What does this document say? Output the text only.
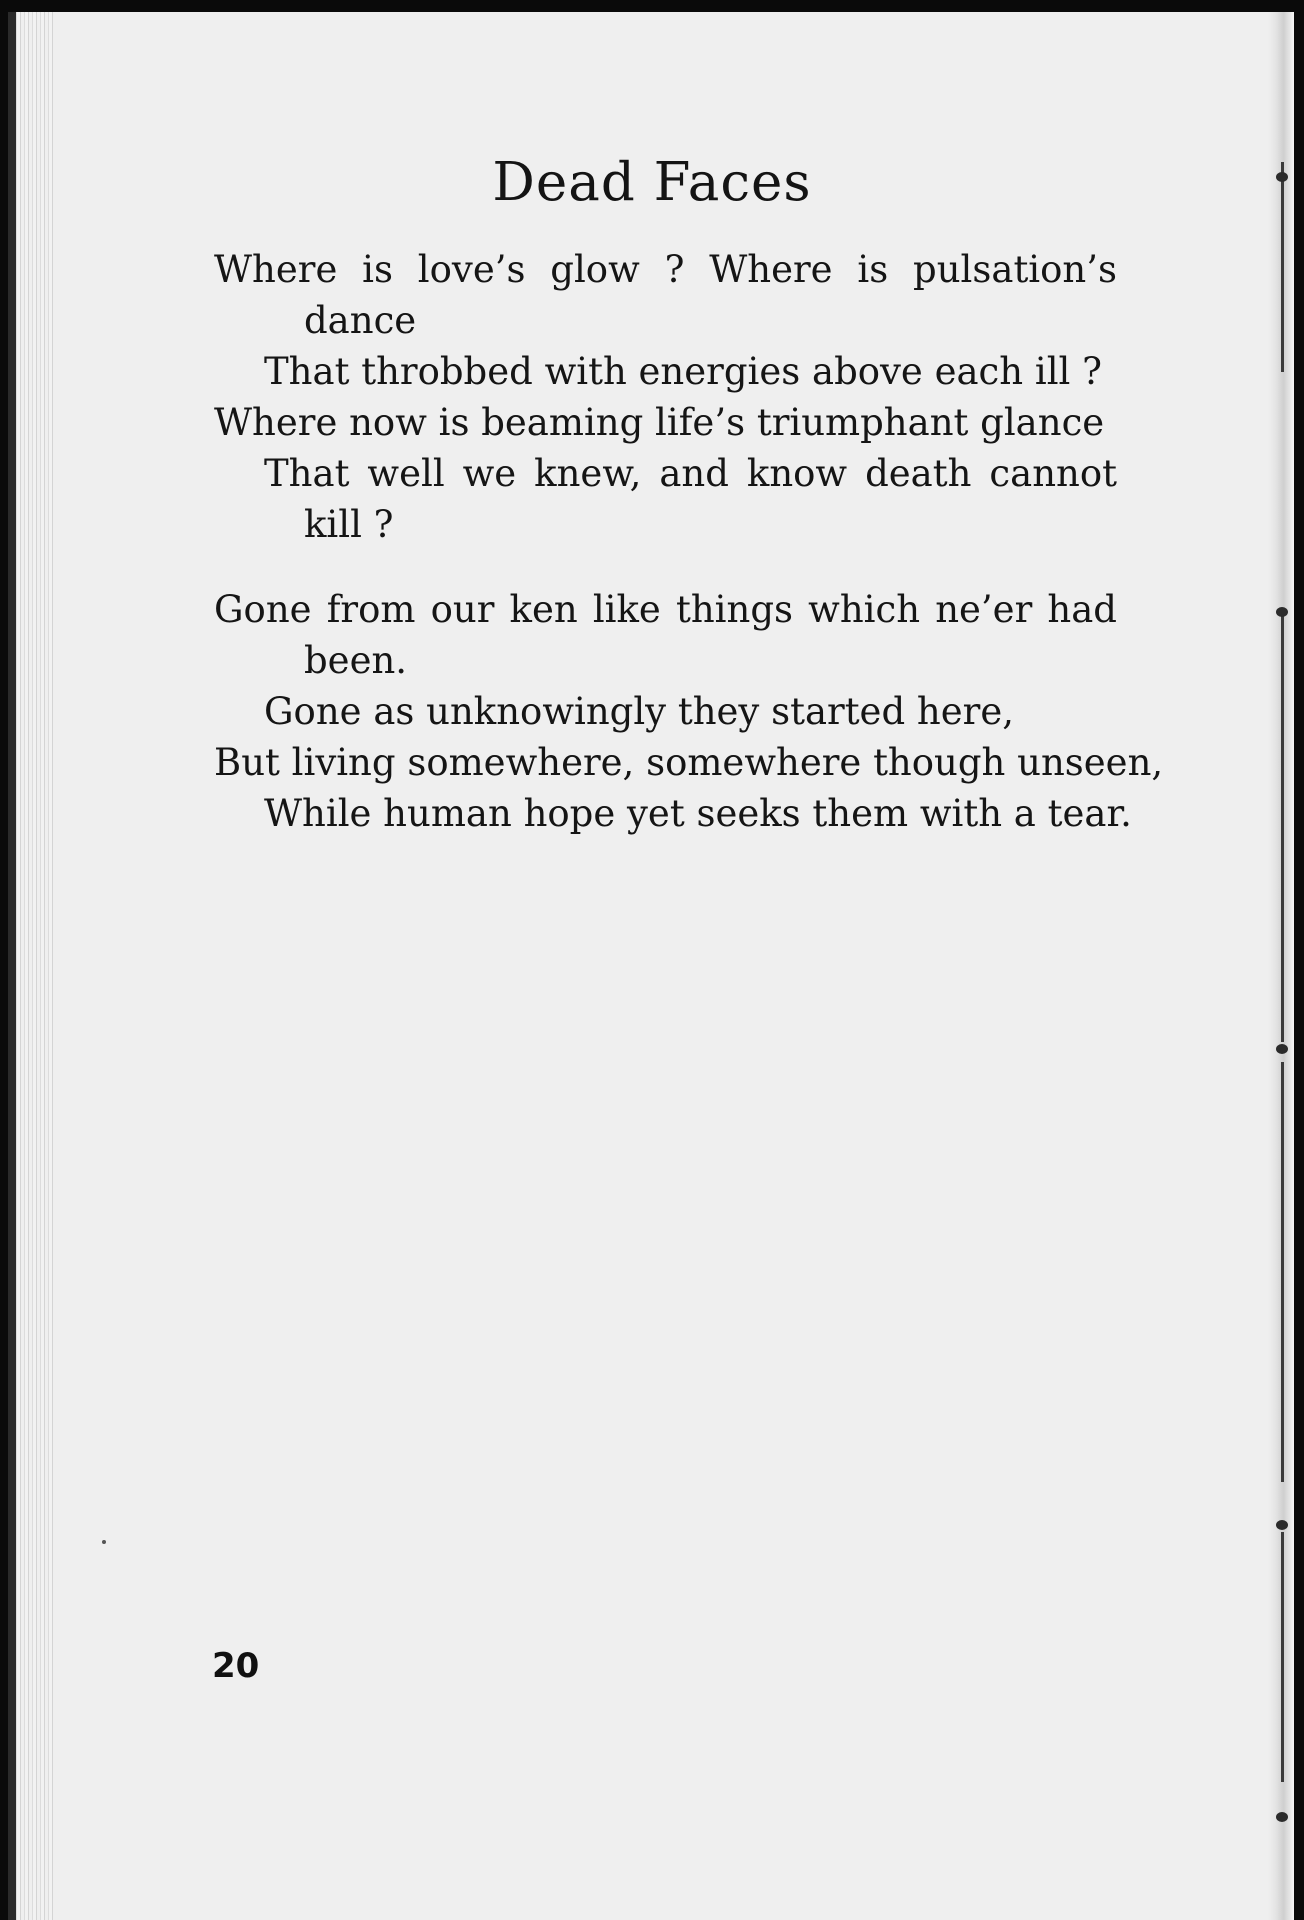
Dead Faces
Where is love’s glow ? Where is pulsation’s
dance
That throbbed with energies above each ill ?
Where now is beaming life’s triumphant glance
That well we knew, and know death cannot
kill ?
Gone from our ken like things which ne’er had
been.
Gone as unknowingly they started here,
But living somewhere, somewhere though unseen,
While human hope yet seeks them with a tear.
20
